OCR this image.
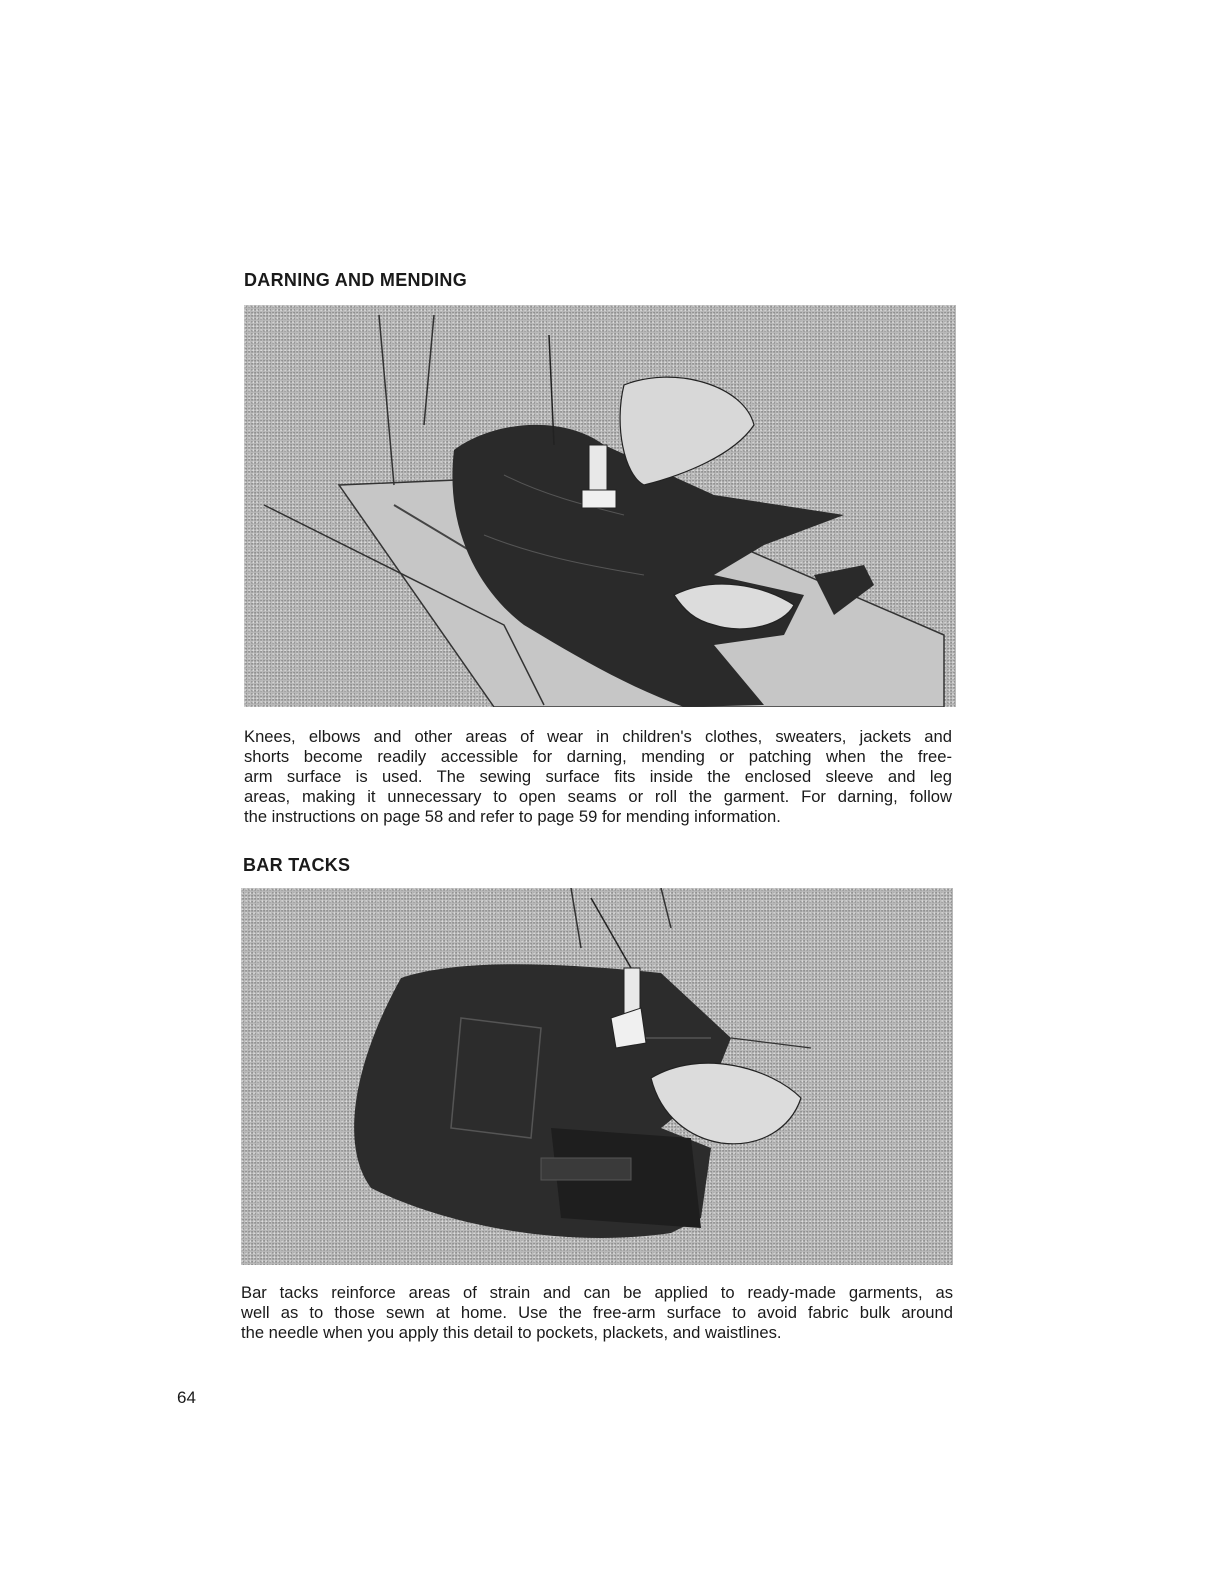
DARNING AND MENDING

Knees, elbows and other areas of wear in children's clothes, sweaters, jackets and
shorts become readily accessible for darning, mending or patching when the free-
arm surface is used. The sewing surface fits inside the enclosed sleeve and leg
areas, making it unnecessary to open seams or roll the garment. For darning, follow
the instructions on page 58 and refer to page 59 for mending information.

BAR TACKS

Bar tacks reinforce areas of strain and can be applied to ready-made garments, as
well as to those sewn at home. Use the free-arm surface to avoid fabric bulk around
the needle when you apply this detail to pockets, plackets, and waistlines.

64
